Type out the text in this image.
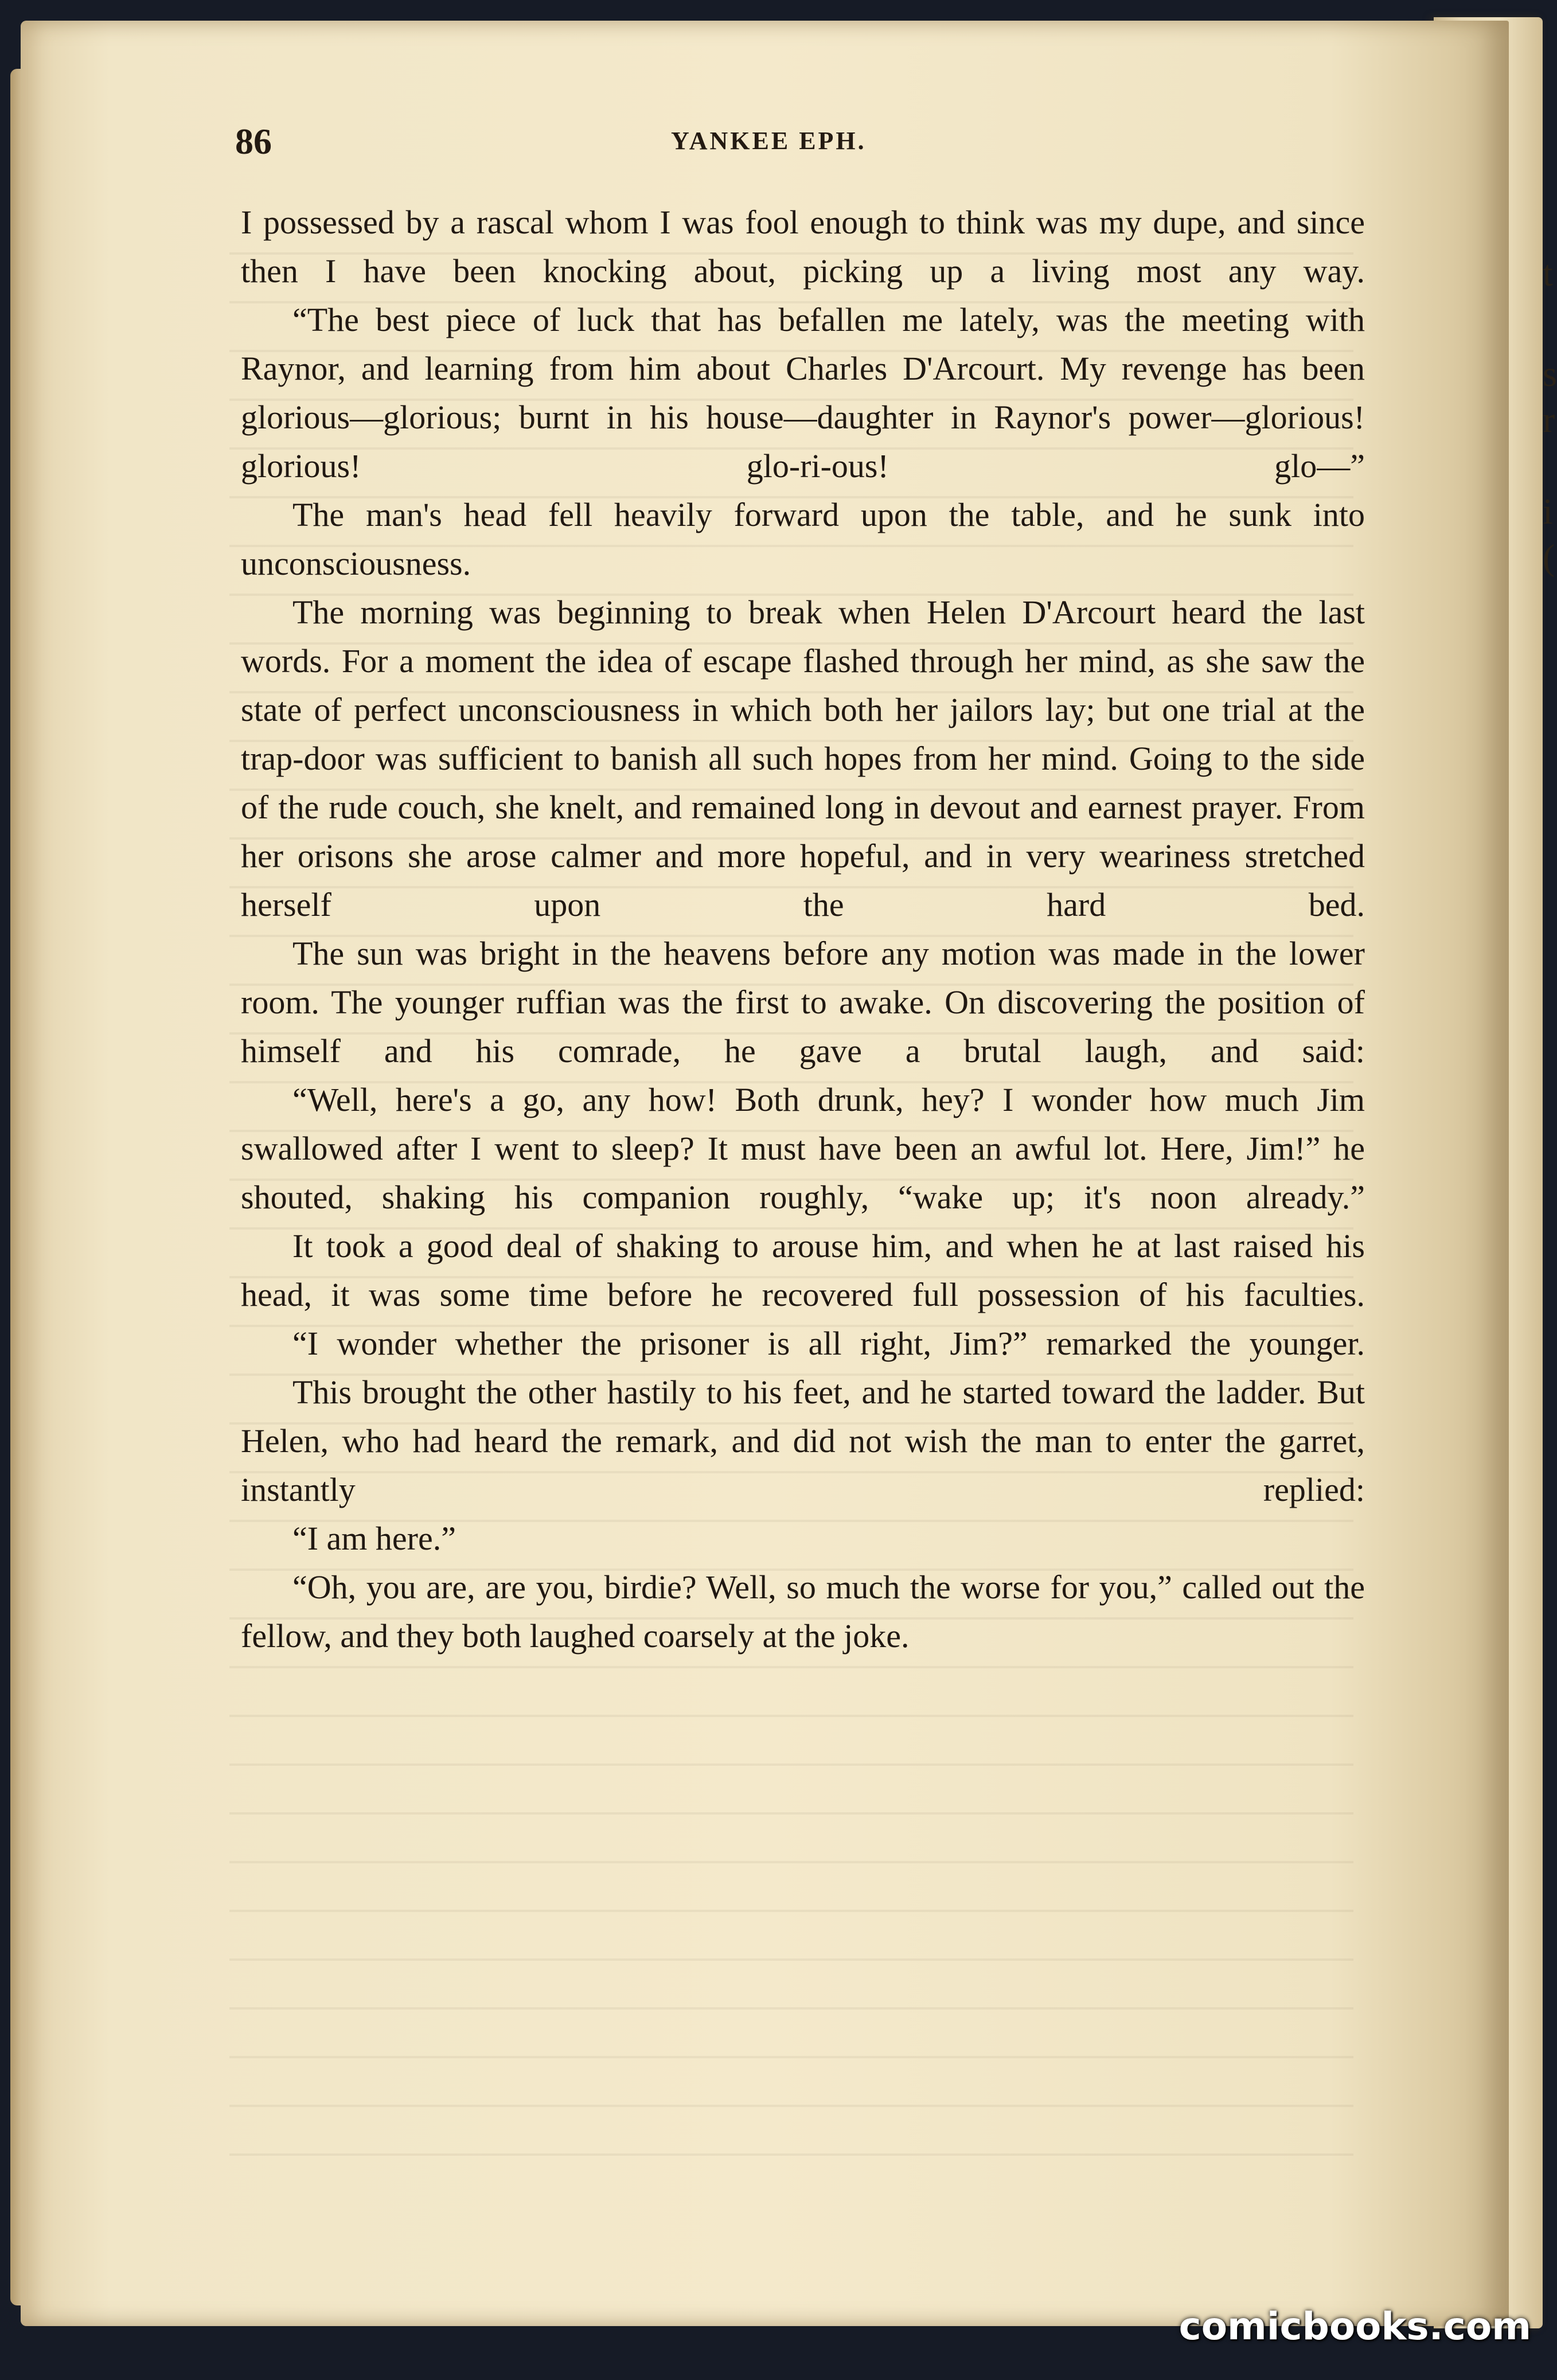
t
s
r
i
(
86	YANKEE EPH.

I possessed by a rascal whom I was fool enough to think was my dupe, and since then I have been knocking about, picking up a living most any way.

“The best piece of luck that has befallen me lately, was the meeting with Raynor, and learning from him about Charles D'Arcourt. My revenge has been glorious—glorious; burnt in his house—daughter in Raynor's power—glorious! glorious! glo-ri-ous! glo—”

The man's head fell heavily forward upon the table, and he sunk into unconsciousness.

The morning was beginning to break when Helen D'Arcourt heard the last words. For a moment the idea of escape flashed through her mind, as she saw the state of perfect unconsciousness in which both her jailors lay; but one trial at the trap-door was sufficient to banish all such hopes from her mind. Going to the side of the rude couch, she knelt, and remained long in devout and earnest prayer. From her orisons she arose calmer and more hopeful, and in very weariness stretched herself upon the hard bed.

The sun was bright in the heavens before any motion was made in the lower room. The younger ruffian was the first to awake. On discovering the position of himself and his comrade, he gave a brutal laugh, and said:

“Well, here's a go, any how! Both drunk, hey? I wonder how much Jim swallowed after I went to sleep? It must have been an awful lot. Here, Jim!” he shouted, shaking his companion roughly, “wake up; it's noon already.”

It took a good deal of shaking to arouse him, and when he at last raised his head, it was some time before he recovered full possession of his faculties.

“I wonder whether the prisoner is all right, Jim?” remarked the younger.

This brought the other hastily to his feet, and he started toward the ladder. But Helen, who had heard the remark, and did not wish the man to enter the garret, instantly replied:

“I am here.”

“Oh, you are, are you, birdie? Well, so much the worse for you,” called out the fellow, and they both laughed coarsely at the joke.

comicbooks.com
